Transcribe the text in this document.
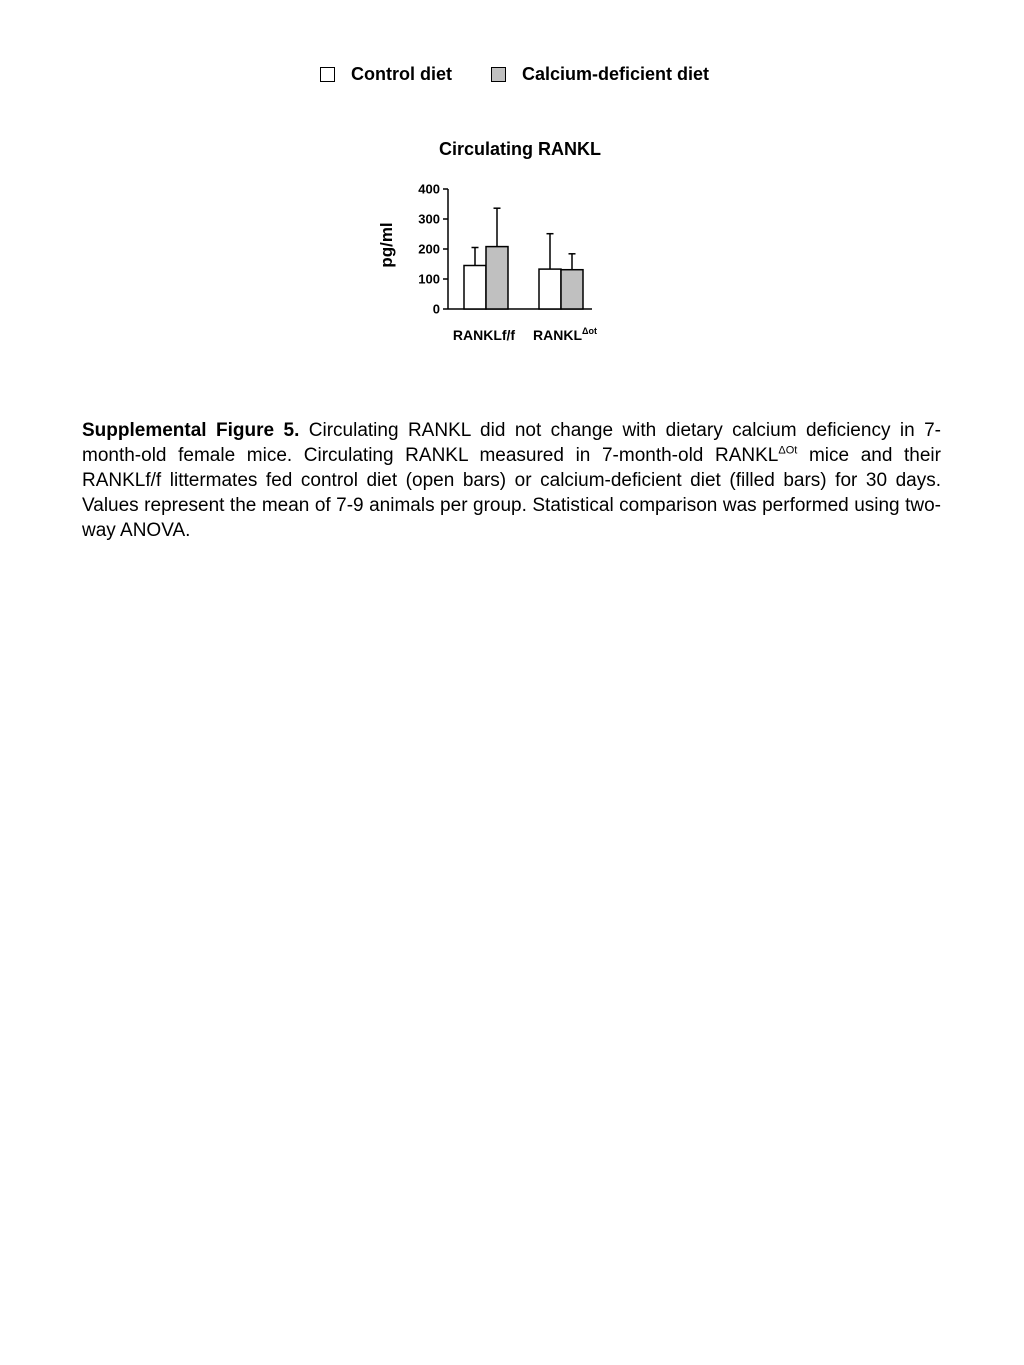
Control diet	Calcium-deficient diet
Circulating RANKL
pg/ml
0
100
200
300
400
RANKLf/f $RANKL^{\Delta ot}$

Supplemental Figure 5. Circulating RANKL did not change with dietary calcium deficiency in 7-month-old female mice. Circulating RANKL measured in 7-month-old $RANKL^{\Delta Ot}$ mice and their RANKLf/f littermates fed control diet (open bars) or calcium-deficient diet (filled bars) for 30 days. Values represent the mean of 7-9 animals per group. Statistical comparison was performed using two-way ANOVA.
